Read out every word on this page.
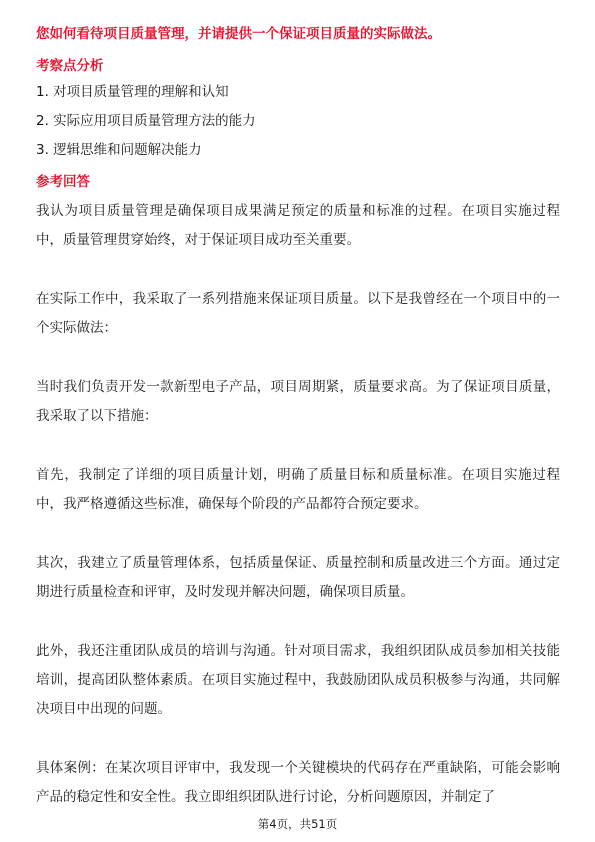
您如何看待项目质量管理，并请提供一个保证项目质量的实际做法。
考察点分析
1. 对项目质量管理的理解和认知
2. 实际应用项目质量管理方法的能力
3. 逻辑思维和问题解决能力
参考回答
我认为项目质量管理是确保项目成果满足预定的质量和标准的过程。在项目实施过程中，质量管理贯穿始终，对于保证项目成功至关重要。
在实际工作中，我采取了一系列措施来保证项目质量。以下是我曾经在一个项目中的一个实际做法：
当时我们负责开发一款新型电子产品，项目周期紧，质量要求高。为了保证项目质量，我采取了以下措施：
首先，我制定了详细的项目质量计划，明确了质量目标和质量标准。在项目实施过程中，我严格遵循这些标准，确保每个阶段的产品都符合预定要求。
其次，我建立了质量管理体系，包括质量保证、质量控制和质量改进三个方面。通过定期进行质量检查和评审，及时发现并解决问题，确保项目质量。
此外，我还注重团队成员的培训与沟通。针对项目需求，我组织团队成员参加相关技能培训，提高团队整体素质。在项目实施过程中，我鼓励团队成员积极参与沟通，共同解决项目中出现的问题。
具体案例：在某次项目评审中，我发现一个关键模块的代码存在严重缺陷，可能会影响产品的稳定性和安全性。我立即组织团队进行讨论，分析问题原因，并制定了
第4页，共51页
